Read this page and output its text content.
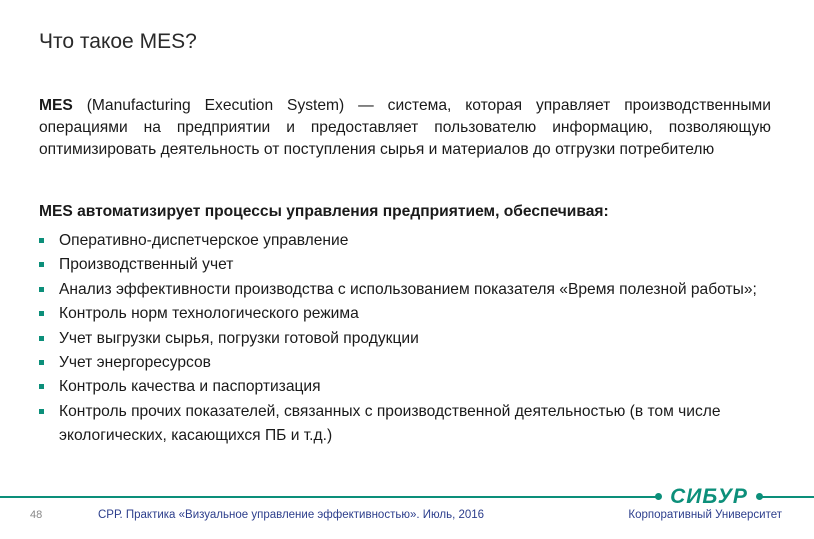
Что такое MES?
MES (Manufacturing Execution System) — система, которая управляет производственными операциями на предприятии и предоставляет пользователю информацию, позволяющую оптимизировать деятельность от поступления сырья и материалов до отгрузки потребителю
MES автоматизирует процессы управления предприятием, обеспечивая:
Оперативно-диспетчерское управление
Производственный учет
Анализ эффективности производства с использованием показателя «Время полезной работы»;
Контроль норм технологического режима
Учет выгрузки сырья, погрузки готовой продукции
Учет энергоресурсов
Контроль качества и паспортизация
Контроль прочих показателей, связанных с производственной деятельностью (в том числе экологических, касающихся ПБ и т.д.)
СИБУР
48	СРР. Практика «Визуальное управление эффективностью». Июль, 2016	Корпоративный Университет
